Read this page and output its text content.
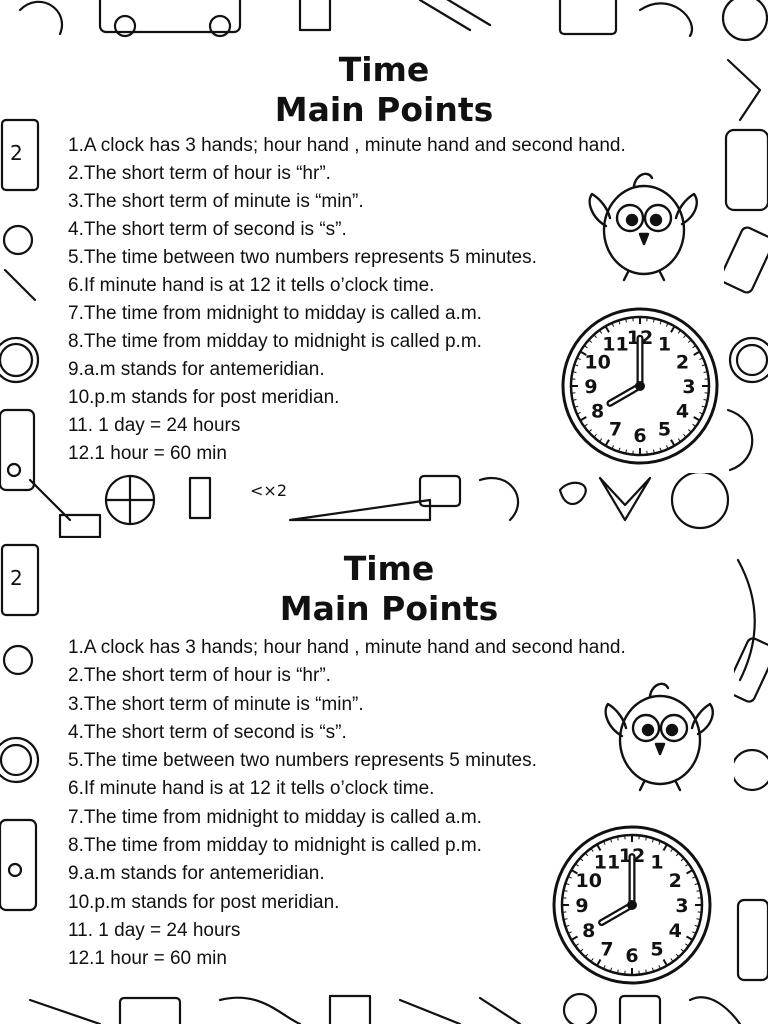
2
<×2
2
Time
Main Points
1.A clock has 3 hands; hour hand , minute hand and second hand.
2.The short term of hour is “hr”.
3.The short term of minute is “min”.
4.The short term of second is “s”.
5.The time between two numbers represents 5 minutes.
6.If minute hand is at 12 it tells o’clock time.
7.The time from midnight to midday is called a.m.
8.The time from midday to midnight is called p.m.
9.a.m stands for antemeridian.
10.p.m stands for post meridian.
11. 1 day = 24 hours
12.1 hour = 60 min
12 1
2
3
4
5
6
7
8
9
10
11
Time
Main Points
1.A clock has 3 hands; hour hand , minute hand and second hand.
2.The short term of hour is “hr”.
3.The short term of minute is “min”.
4.The short term of second is “s”.
5.The time between two numbers represents 5 minutes.
6.If minute hand is at 12 it tells o’clock time.
7.The time from midnight to midday is called a.m.
8.The time from midday to midnight is called p.m.
9.a.m stands for antemeridian.
10.p.m stands for post meridian.
11. 1 day = 24 hours
12.1 hour = 60 min
12 1
2
3
4
5
6
7
8
9
10
11
